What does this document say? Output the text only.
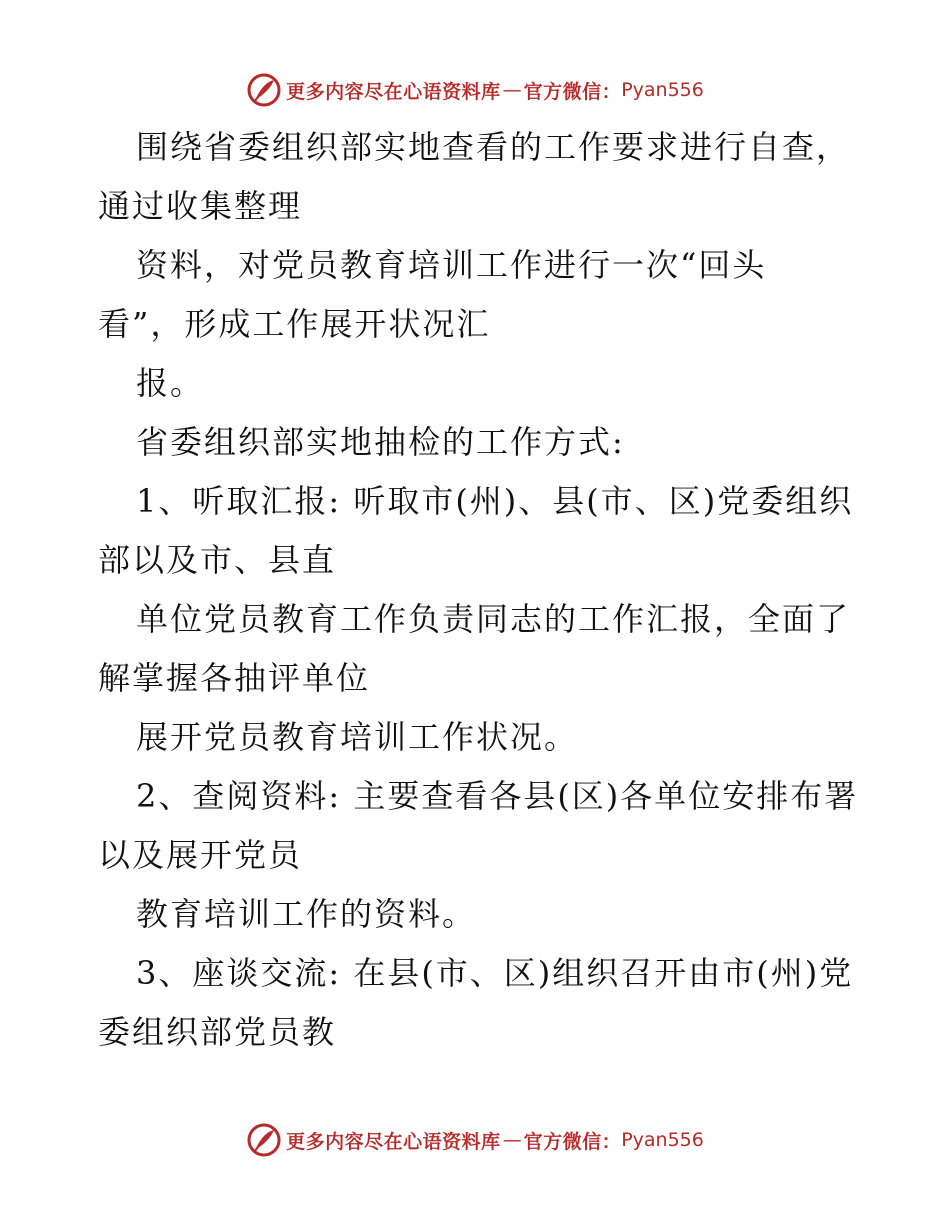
更多内容尽在心语资料库 — 官方微信： Pyan556
围绕省委组织部实地查看的工作要求进行自查，
通过收集整理
资料，对党员教育培训工作进行一次“回头
看”，形成工作展开状况汇
报。
省委组织部实地抽检的工作方式:
1、听取汇报: 听取市(州)、县(市、区)党委组织
部以及市、县直
单位党员教育工作负责同志的工作汇报，全面了
解掌握各抽评单位
展开党员教育培训工作状况。
2、查阅资料: 主要查看各县(区)各单位安排布署
以及展开党员
教育培训工作的资料。
3、座谈交流: 在县(市、区)组织召开由市(州)党
委组织部党员教
更多内容尽在心语资料库 — 官方微信： Pyan556
